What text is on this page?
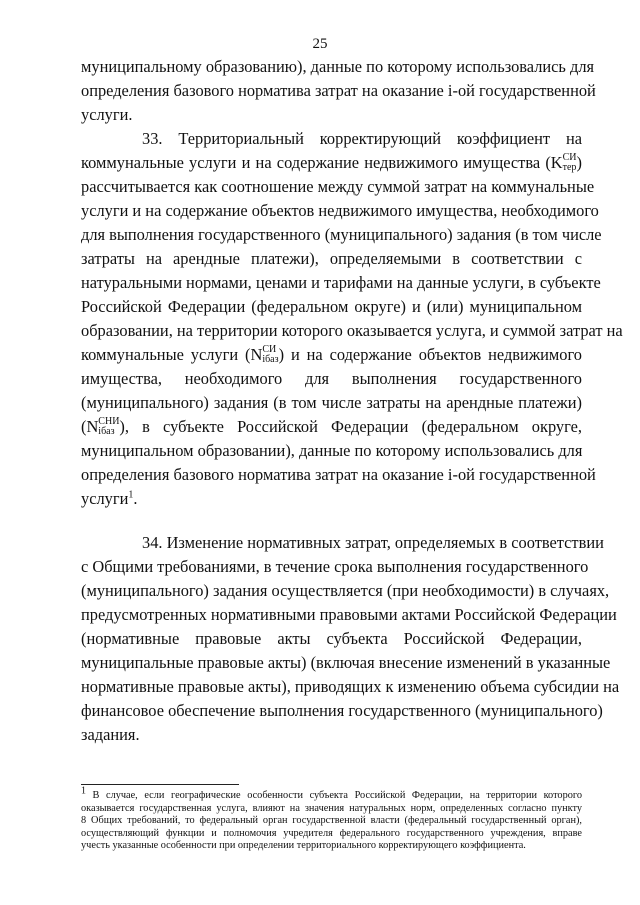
25
муниципальному образованию), данные по которому использовались для
определения базового норматива затрат на оказание i-ой государственной
услуги.
33. Территориальный корректирующий коэффициент на
коммунальные услуги и на содержание недвижимого имущества (K СИ
тер )
рассчитывается как соотношение между суммой затрат на коммунальные
услуги и на содержание объектов недвижимого имущества, необходимого
для выполнения государственного (муниципального) задания (в том числе
затраты на арендные платежи), определяемыми в соответствии с
натуральными нормами, ценами и тарифами на данные услуги, в субъекте
Российской Федерации (федеральном округе) и (или) муниципальном
образовании, на территории которого оказывается услуга, и суммой затрат на
коммунальные услуги (N СИ
iбаз ) и на содержание объектов недвижимого
имущества, необходимого для выполнения государственного
(муниципального) задания (в том числе затраты на арендные платежи)
(N СНИ
iбаз ), в субъекте Российской Федерации (федеральном округе,
муниципальном образовании), данные по которому использовались для
определения базового норматива затрат на оказание i-ой государственной
услуги$^1$.
34. Изменение нормативных затрат, определяемых в соответствии
с Общими требованиями, в течение срока выполнения государственного
(муниципального) задания осуществляется (при необходимости) в случаях,
предусмотренных нормативными правовыми актами Российской Федерации
(нормативные правовые акты субъекта Российской Федерации,
муниципальные правовые акты) (включая внесение изменений в указанные
нормативные правовые акты), приводящих к изменению объема субсидии на
финансовое обеспечение выполнения государственного (муниципального)
задания.
$^1$ В случае, если географические особенности субъекта Российской Федерации, на территории которого
оказывается государственная услуга, влияют на значения натуральных норм, определенных согласно пункту
8 Общих требований, то федеральный орган государственной власти (федеральный государственный орган),
осуществляющий функции и полномочия учредителя федерального государственного учреждения, вправе
учесть указанные особенности при определении территориального корректирующего коэффициента.
